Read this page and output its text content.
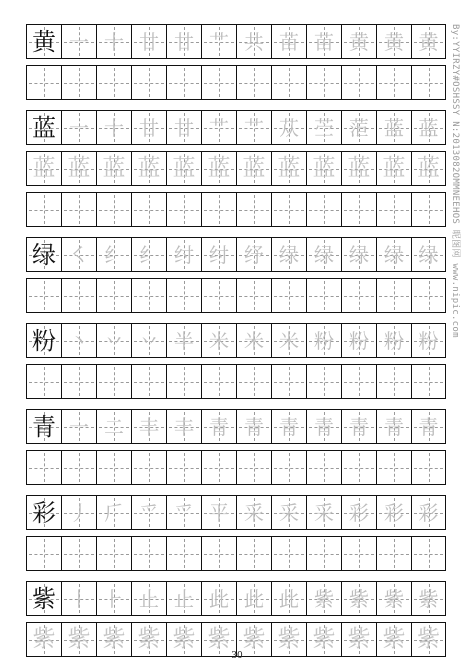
黄 一 十 廿 廿 艹 共 苗 苗 黄 黄 黄
蓝 一 十 廿 廿 艹 艹 苁 苎 菃 蓝 蓝
蓝 蓝 蓝 蓝 蓝 蓝 蓝 蓝 蓝 蓝 蓝 蓝
绿 ㇛ 纟 纟 纣 纣 纾 绿 绿 绿 绿 绿
粉 丶 丷 丷 半 米 米 米 粉 粉 粉 粉
青 一 二 丰 丰 青 青 青 青 青 青 青
彩 丿 𠂆 爫 爫 平 采 采 采 彩 彩 彩
紫 丨 ⺊ 止 止 此 此 此 紫 紫 紫 紫
紫 紫 紫 紫 紫 紫 紫 紫 紫 紫 紫 紫
By:YYIRZY#OSHSSY N:2013082OMMNEEHOS 昵图网 www.nipic.com
30
